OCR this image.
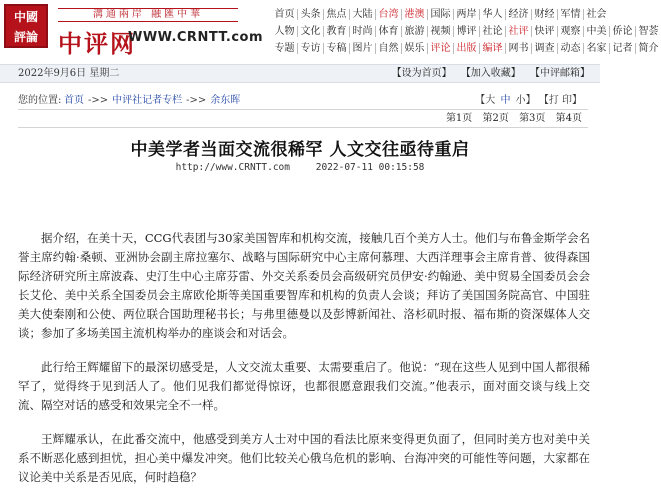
中國
評論
溝通兩岸 融匯中華
中评网
WWW.CRNTT.com
首页 头条 焦点 大陆 台湾 港澳 国际 两岸 华人 经济 财经 军情 社会
人物 文化 教育 时尚 体育 旅游 视频 博评 社论 社评 快评 观察 中美 侨论 智荟
专题 专访 专稿 图片 自然 娱乐 评论 出版 编译 网书 调查 动态 名家 记者 简介
2022年9月6日 星期二	【设为首页】 【加入收藏】 【中评邮箱】
您的位置: 首页 ->> 中评社记者专栏 ->> 余东晖	【大 中 小】 【打 印】
第1页 第2页 第3页 第4页
中美学者当面交流很稀罕 人文交往亟待重启
http://www.CRNTT.com	2022-07-11 00:15:58

据介绍，在美十天，CCG代表团与30家美国智库和机构交流，接触几百个美方人士。他们与布鲁金斯学会名誉主席约翰·桑顿、亚洲协会副主席拉塞尔、战略与国际研究中心主席何慕理、大西洋理事会主席肯普、彼得森国际经济研究所主席波森、史汀生中心主席芬雷、外交关系委员会高级研究员伊安·约翰逊、美中贸易全国委员会会长艾伦、美中关系全国委员会主席欧伦斯等美国重要智库和机构的负责人会谈；拜访了美国国务院高官、中国驻美大使秦刚和公使、两位联合国助理秘书长；与弗里德曼以及彭博新闻社、洛杉矶时报、福布斯的资深媒体人交谈；参加了多场美国主流机构举办的座谈会和对话会。

此行给王辉耀留下的最深切感受是，人文交流太重要、太需要重启了。他说：“现在这些人见到中国人都很稀罕了，觉得终于见到活人了。他们见我们都觉得惊讶，也都很愿意跟我们交流。”他表示，面对面交谈与线上交流、隔空对话的感受和效果完全不一样。

王辉耀承认，在此番交流中，他感受到美方人士对中国的看法比原来变得更负面了，但同时美方也对美中关系不断恶化感到担忧，担心美中爆发冲突。他们比较关心俄乌危机的影响、台海冲突的可能性等问题，大家都在议论美中关系是否见底，何时趋稳？
